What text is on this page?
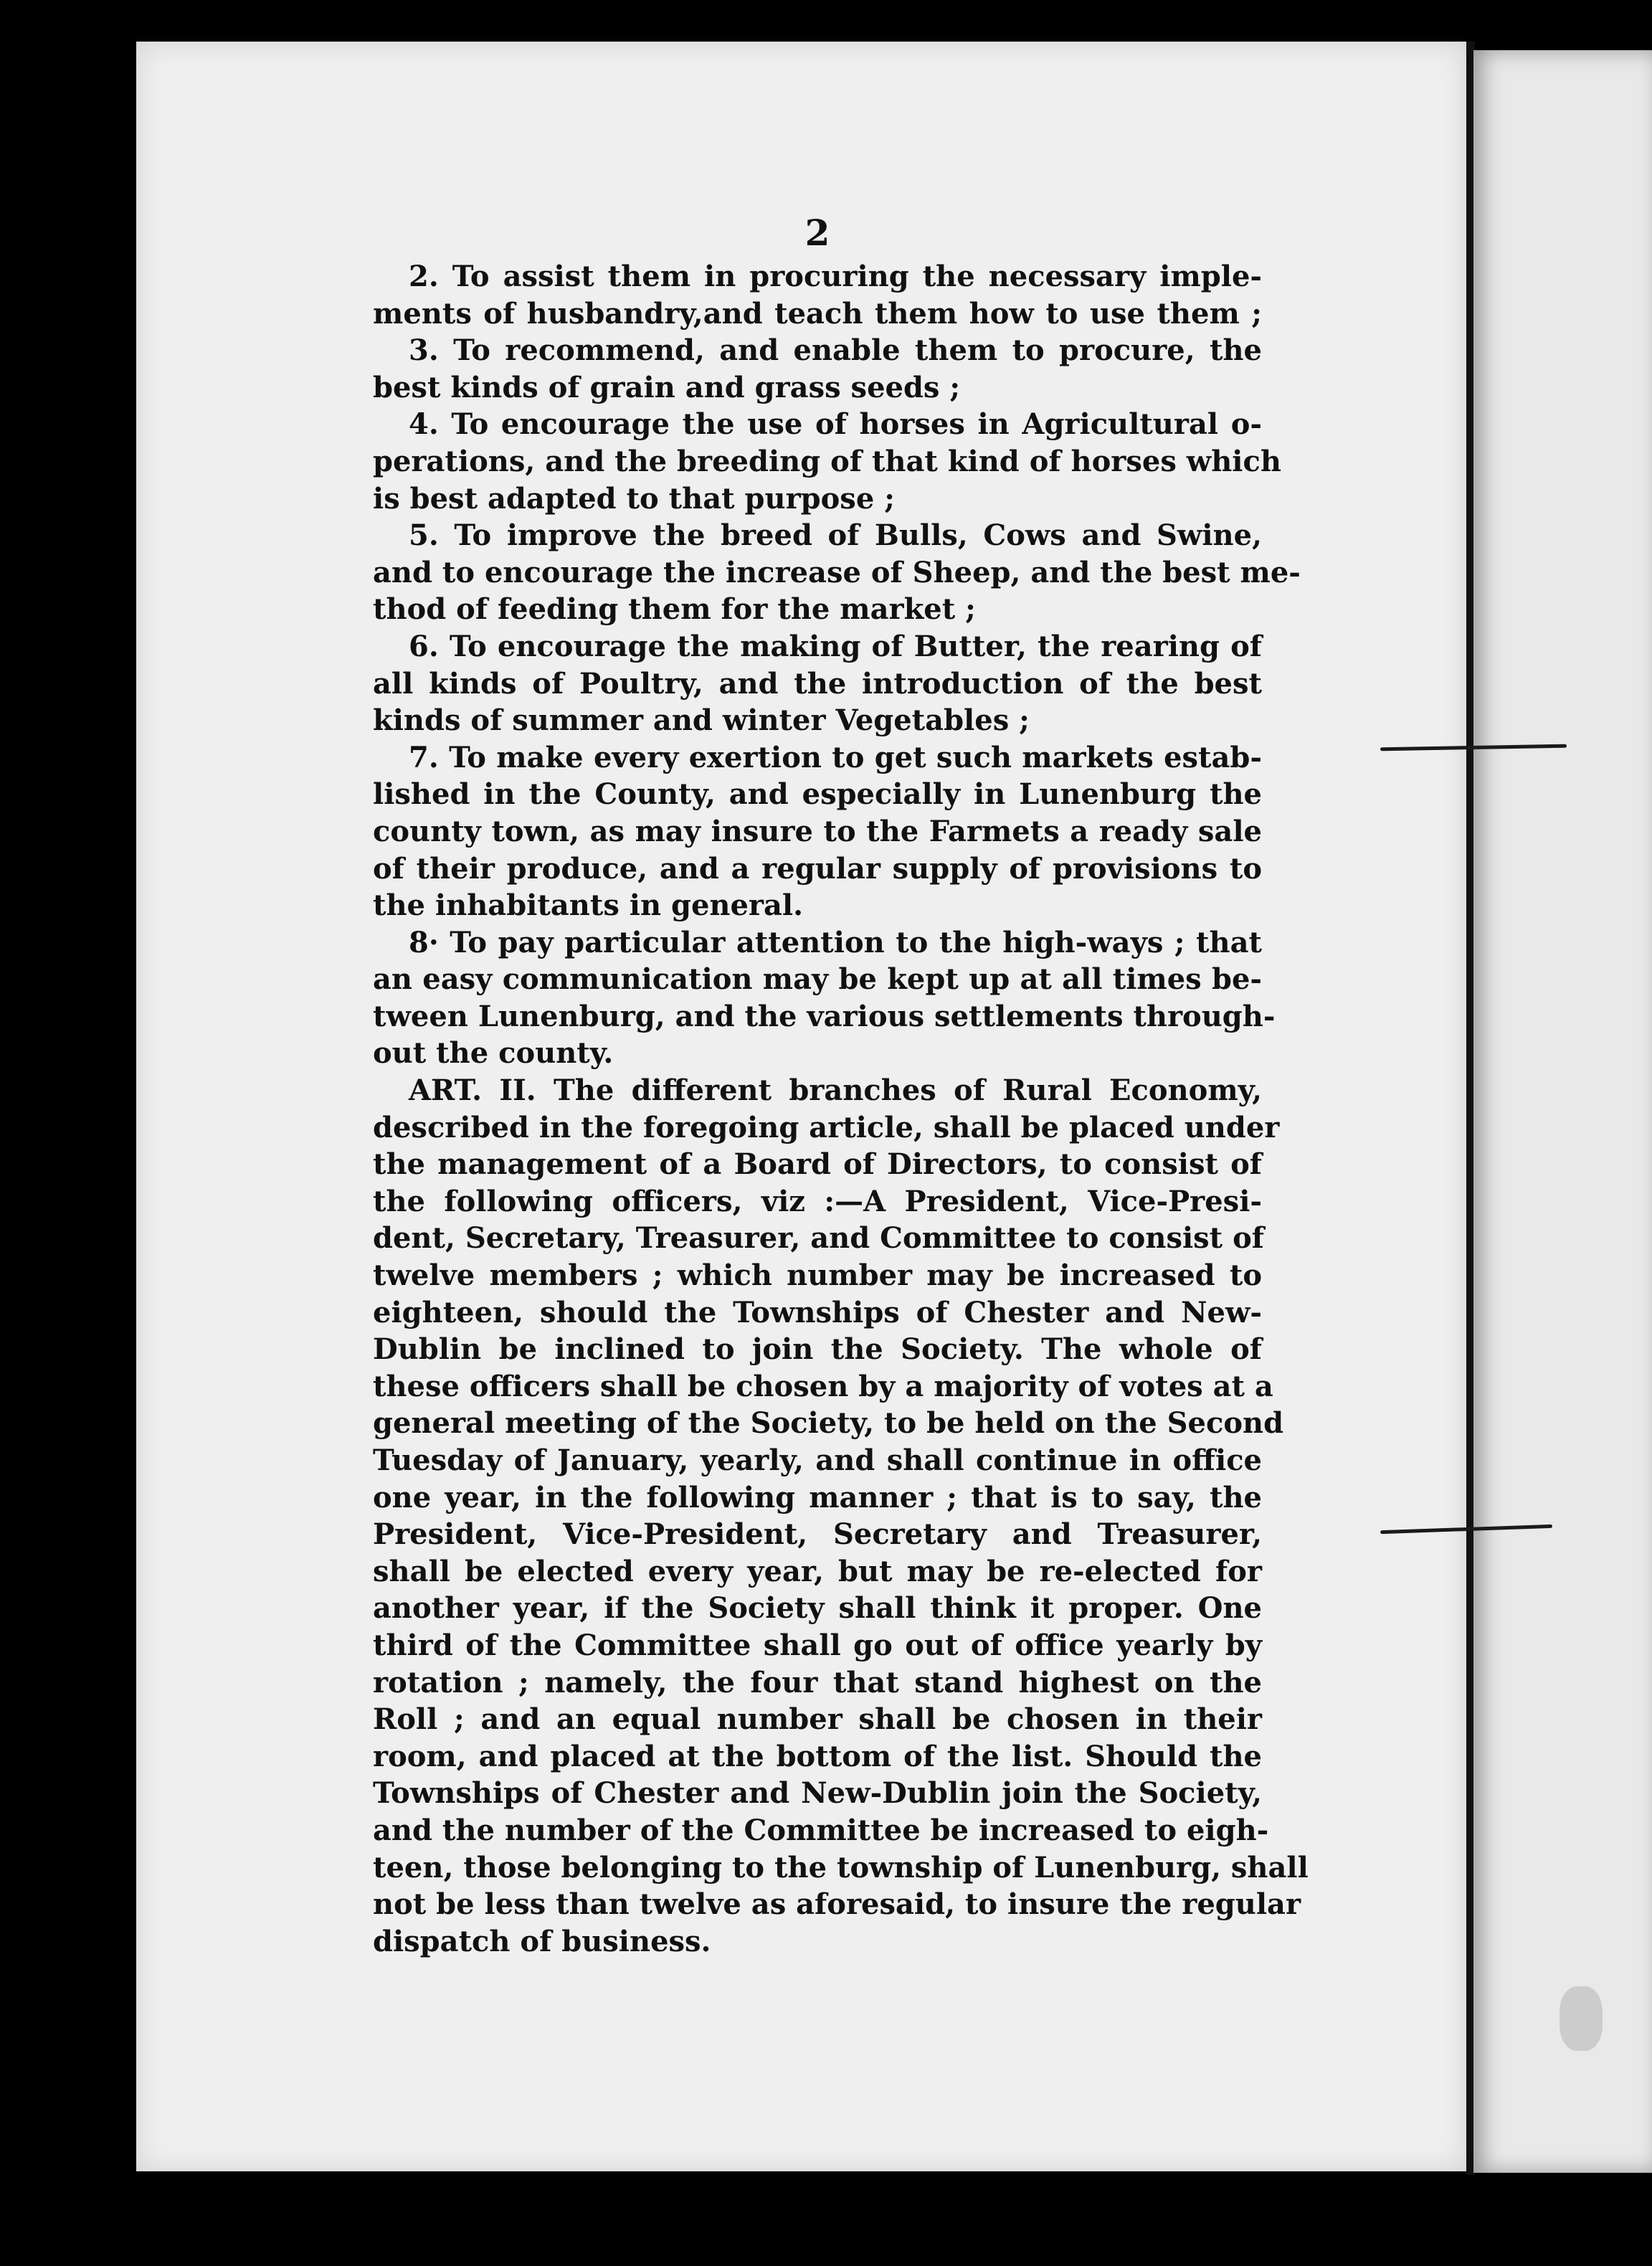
2
2. To assist them in procuring the necessary imple-
ments of husbandry,and teach them how to use them ;
3. To recommend, and enable them to procure, the
best kinds of grain and grass seeds ;
4. To encourage the use of horses in Agricultural o-
perations, and the breeding of that kind of horses which
is best adapted to that purpose ;
5. To improve the breed of Bulls, Cows and Swine,
and to encourage the increase of Sheep, and the best me-
thod of feeding them for the market ;
6. To encourage the making of Butter, the rearing of
all kinds of Poultry, and the introduction of the best
kinds of summer and winter Vegetables ;
7. To make every exertion to get such markets estab-
lished in the County, and especially in Lunenburg the
county town, as may insure to the Farmets a ready sale
of their produce, and a regular supply of provisions to
the inhabitants in general.
8· To pay particular attention to the high-ways ; that
an easy communication may be kept up at all times be-
tween Lunenburg, and the various settlements through-
out the county.
ART. II. The different branches of Rural Economy,
described in the foregoing article, shall be placed under
the management of a Board of Directors, to consist of
the following officers, viz :—A President, Vice-Presi-
dent, Secretary, Treasurer, and Committee to consist of
twelve members ; which number may be increased to
eighteen, should the Townships of Chester and New-
Dublin be inclined to join the Society. The whole of
these officers shall be chosen by a majority of votes at a
general meeting of the Society, to be held on the Second
Tuesday of January, yearly, and shall continue in office
one year, in the following manner ; that is to say, the
President, Vice-President, Secretary and Treasurer,
shall be elected every year, but may be re-elected for
another year, if the Society shall think it proper. One
third of the Committee shall go out of office yearly by
rotation ; namely, the four that stand highest on the
Roll ; and an equal number shall be chosen in their
room, and placed at the bottom of the list. Should the
Townships of Chester and New-Dublin join the Society,
and the number of the Committee be increased to eigh-
teen, those belonging to the township of Lunenburg, shall
not be less than twelve as aforesaid, to insure the regular
dispatch of business.
